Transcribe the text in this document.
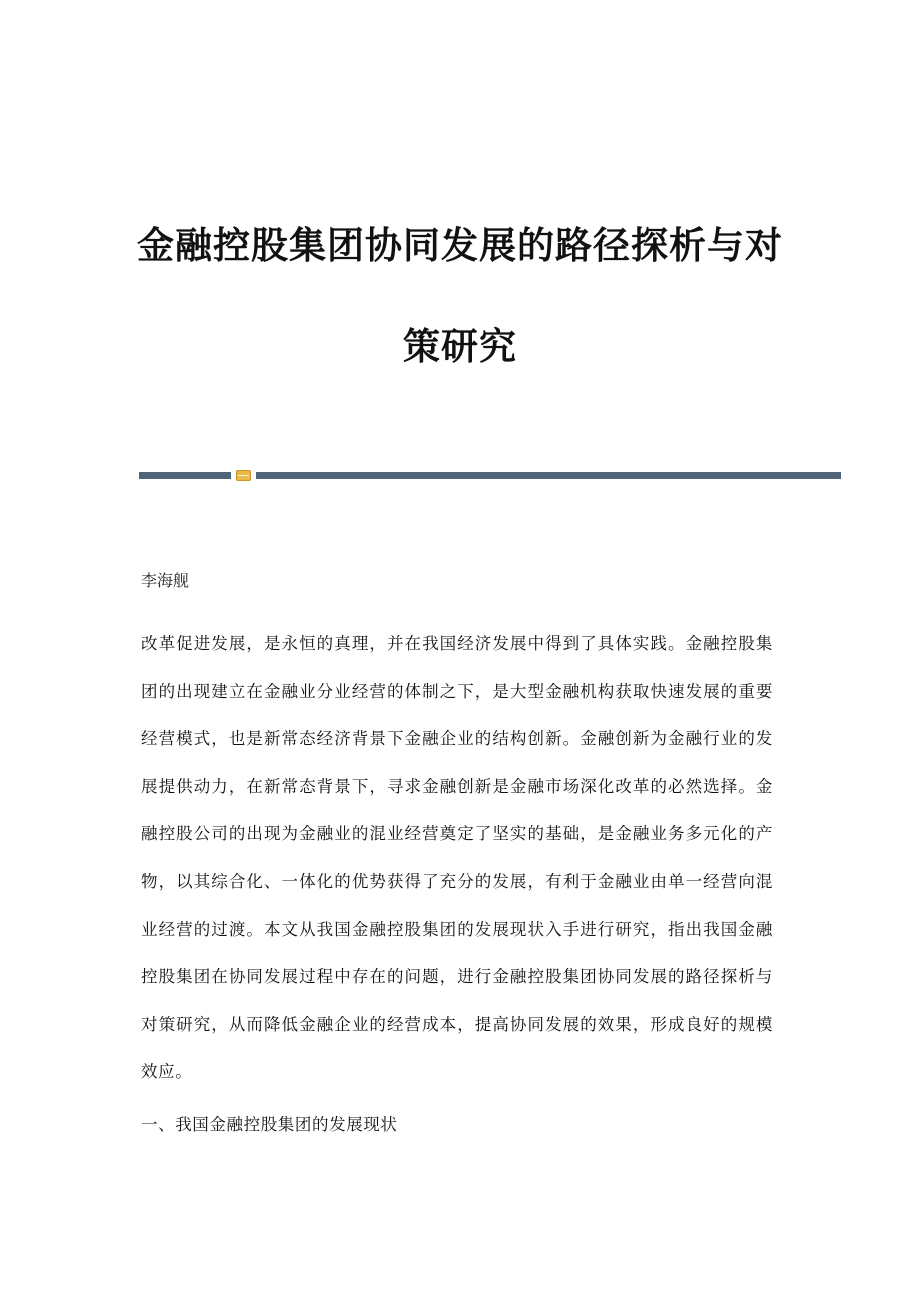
金融控股集团协同发展的路径探析与对
策研究

李海舰

改革促进发展，是永恒的真理，并在我国经济发展中得到了具体实践。金融控股集团的出现建立在金融业分业经营的体制之下，是大型金融机构获取快速发展的重要经营模式，也是新常态经济背景下金融企业的结构创新。金融创新为金融行业的发展提供动力，在新常态背景下，寻求金融创新是金融市场深化改革的必然选择。金融控股公司的出现为金融业的混业经营奠定了坚实的基础，是金融业务多元化的产物，以其综合化、一体化的优势获得了充分的发展，有利于金融业由单一经营向混业经营的过渡。本文从我国金融控股集团的发展现状入手进行研究，指出我国金融控股集团在协同发展过程中存在的问题，进行金融控股集团协同发展的路径探析与对策研究，从而降低金融企业的经营成本，提高协同发展的效果，形成良好的规模效应。

一、我国金融控股集团的发展现状
